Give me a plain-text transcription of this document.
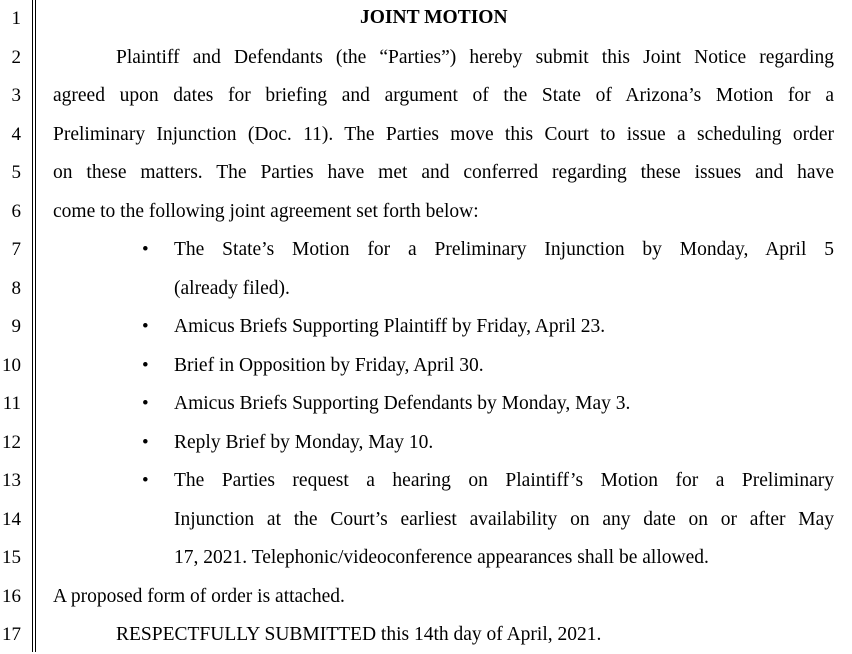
1	JOINT MOTION
2	Plaintiff and Defendants (the “Parties”) hereby submit this Joint Notice regarding
3 agreed upon dates for briefing and argument of the State of Arizona’s Motion for a
4 Preliminary Injunction (Doc. 11). The Parties move this Court to issue a scheduling order
5 on these matters. The Parties have met and conferred regarding these issues and have
6 come to the following joint agreement set forth below:
7	• The State’s Motion for a Preliminary Injunction by Monday, April 5
8	(already filed).
9	• Amicus Briefs Supporting Plaintiff by Friday, April 23.
10	• Brief in Opposition by Friday, April 30.
11	• Amicus Briefs Supporting Defendants by Monday, May 3.
12	• Reply Brief by Monday, May 10.
13	• The Parties request a hearing on Plaintiff’s Motion for a Preliminary
14	Injunction at the Court’s earliest availability on any date on or after May
15	17, 2021. Telephonic/videoconference appearances shall be allowed.
16 A proposed form of order is attached.
17	RESPECTFULLY SUBMITTED this 14th day of April, 2021.
